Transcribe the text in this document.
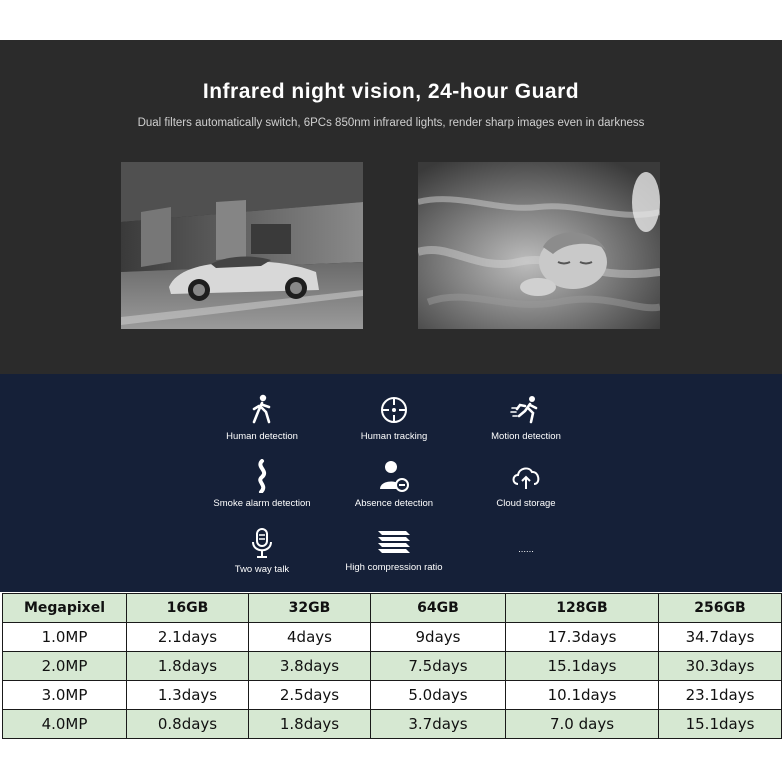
Infrared night vision, 24-hour Guard
Dual filters automatically switch, 6PCs 850nm infrared lights, render sharp images even in darkness
Human detection	Human tracking	Motion detection
Smoke alarm detection	Absence detection	Cloud storage
Two way talk	High compression ratio
......
Megapixel	16GB	32GB	64GB	128GB	256GB
1.0MP	2.1days	4days	9days	17.3days	34.7days
2.0MP	1.8days	3.8days	7.5days	15.1days	30.3days
3.0MP	1.3days	2.5days	5.0days	10.1days	23.1days
4.0MP	0.8days	1.8days	3.7days	7.0 days	15.1days
